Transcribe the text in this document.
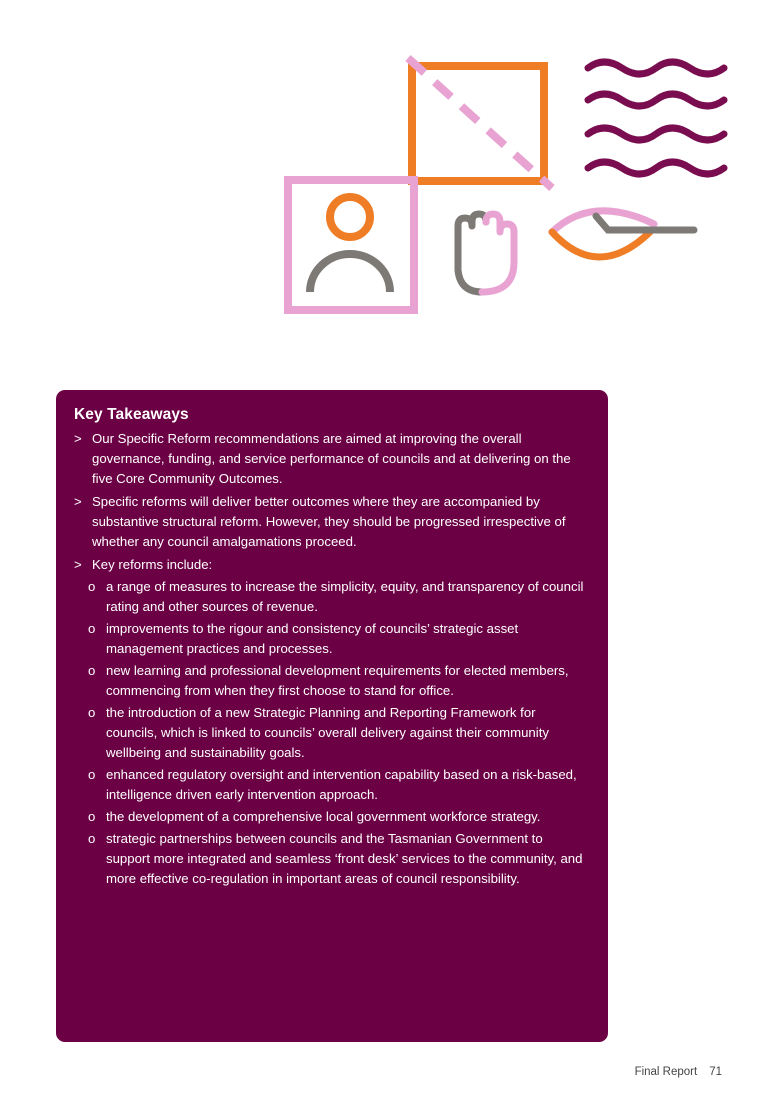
Key Takeaways
> Our Specific Reform recommendations are aimed at improving the overall governance, funding, and service performance of councils and at delivering on the five Core Community Outcomes.
> Specific reforms will deliver better outcomes where they are accompanied by substantive structural reform. However, they should be progressed irrespective of whether any council amalgamations proceed.
> Key reforms include:
o a range of measures to increase the simplicity, equity, and transparency of council rating and other sources of revenue.
o improvements to the rigour and consistency of councils’ strategic asset management practices and processes.
o new learning and professional development requirements for elected members, commencing from when they first choose to stand for office.
o the introduction of a new Strategic Planning and Reporting Framework for councils, which is linked to councils’ overall delivery against their community wellbeing and sustainability goals.
o enhanced regulatory oversight and intervention capability based on a risk-based, intelligence driven early intervention approach.
o the development of a comprehensive local government workforce strategy.
o strategic partnerships between councils and the Tasmanian Government to support more integrated and seamless ‘front desk’ services to the community, and more effective co-regulation in important areas of council responsibility.
Final Report 71
